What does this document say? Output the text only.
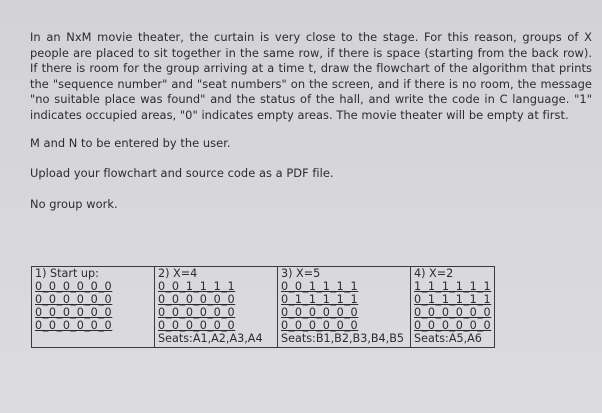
In an NxM movie theater, the curtain is very close to the stage. For this reason, groups of X people are placed to sit together in the same row, if there is space (starting from the back row). If there is room for the group arriving at a time t, draw the flowchart of the algorithm that prints the "sequence number" and "seat numbers" on the screen, and if there is no room, the message "no suitable place was found" and the status of the hall, and write the code in C language. "1" indicates occupied areas, "0" indicates empty areas. The movie theater will be empty at first.

M and N to be entered by the user.

Upload your flowchart and source code as a PDF file.

No group work.

1) Start up:
0_0_0_0_0_0
0_0_0_0_0_0
0_0_0_0_0_0
0_0_0_0_0_0

2) X=4
0_0_1_1_1_1
0_0_0_0_0_0
0_0_0_0_0_0
0_0_0_0_0_0
Seats:A1,A2,A3,A4

3) X=5
0_0_1_1_1_1
0_1_1_1_1_1
0_0_0_0_0_0
0_0_0_0_0_0
Seats:B1,B2,B3,B4,B5

4) X=2
1_1_1_1_1_1
0_1_1_1_1_1
0_0_0_0_0_0
0_0_0_0_0_0
Seats:A5,A6
